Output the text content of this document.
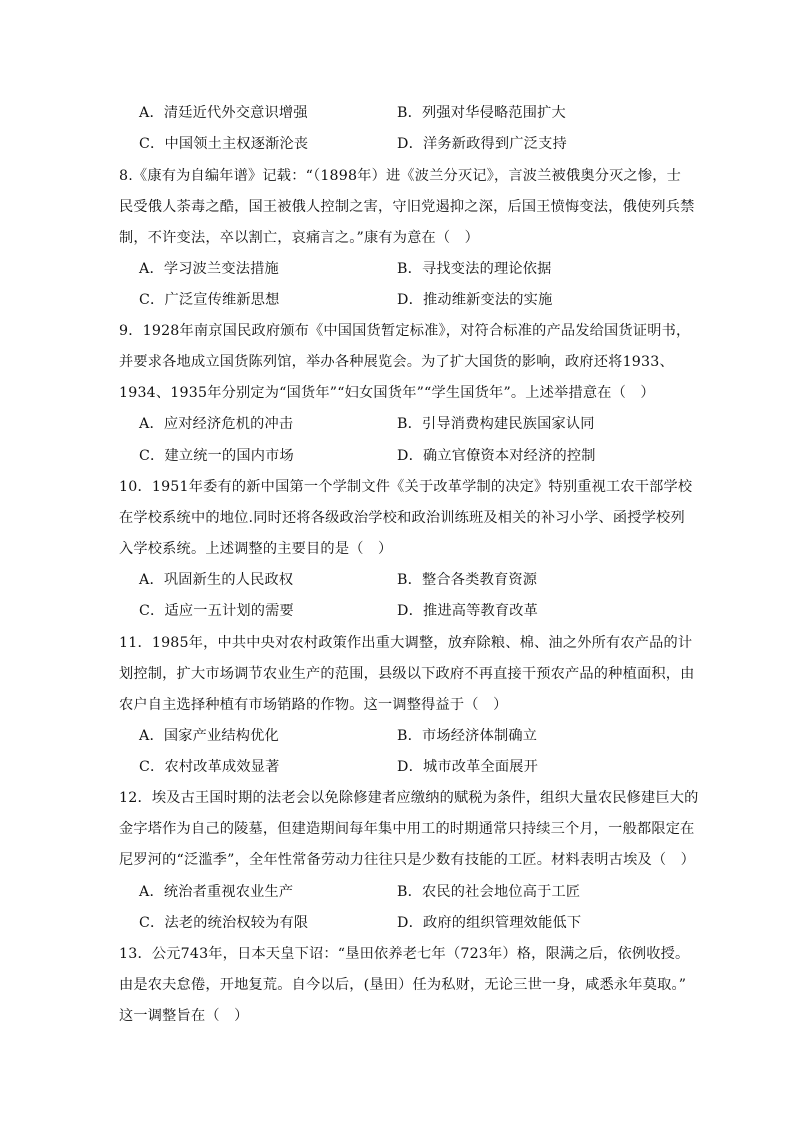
A．清廷近代外交意识增强	B．列强对华侵略范围扩大
C．中国领土主权逐渐沦丧	D．洋务新政得到广泛支持
8.《康有为自编年谱》记载：“（1898年）进《波兰分灭记》，言波兰被俄奥分灭之惨，士
民受俄人荼毒之酷，国王被俄人控制之害，守旧党遏抑之深，后国王愤悔变法，俄使列兵禁
制，不许变法，卒以割亡，哀痛言之。”康有为意在（　）
A．学习波兰变法措施	B．寻找变法的理论依据
C．广泛宣传维新思想	D．推动维新变法的实施
9．1928年南京国民政府颁布《中国国货暂定标准》，对符合标准的产品发给国货证明书，
并要求各地成立国货陈列馆，举办各种展览会。为了扩大国货的影响，政府还将1933、
1934、1935年分别定为“国货年”“妇女国货年”“学生国货年”。上述举措意在（　）
A．应对经济危机的冲击	B．引导消费构建民族国家认同
C．建立统一的国内市场	D．确立官僚资本对经济的控制
10．1951年委有的新中国第一个学制文件《关于改革学制的决定》特别重视工农干部学校
在学校系统中的地位.同时还将各级政治学校和政治训练班及相关的补习小学、函授学校列
入学校系统。上述调整的主要目的是（　）
A．巩固新生的人民政权	B．整合各类教育资源
C．适应一五计划的需要	D．推进高等教育改革
11．1985年，中共中央对农村政策作出重大调整，放弃除粮、棉、油之外所有农产品的计
划控制，扩大市场调节农业生产的范围，县级以下政府不再直接干预农产品的种植面积，由
农户自主选择种植有市场销路的作物。这一调整得益于（　）
A．国家产业结构优化	B．市场经济体制确立
C．农村改革成效显著	D．城市改革全面展开
12．埃及古王国时期的法老会以免除修建者应缴纳的赋税为条件，组织大量农民修建巨大的
金字塔作为自己的陵墓，但建造期间每年集中用工的时期通常只持续三个月，一般都限定在
尼罗河的“泛滥季”，全年性常备劳动力往往只是少数有技能的工匠。材料表明古埃及（　）
A．统治者重视农业生产	B．农民的社会地位高于工匠
C．法老的统治权较为有限	D．政府的组织管理效能低下
13．公元743年，日本天皇下诏：“垦田依养老七年（723年）格，限满之后，依例收授。
由是农夫怠倦，开地复荒。自今以后，(垦田）任为私财，无论三世一身，咸悉永年莫取。”
这一调整旨在（　）
